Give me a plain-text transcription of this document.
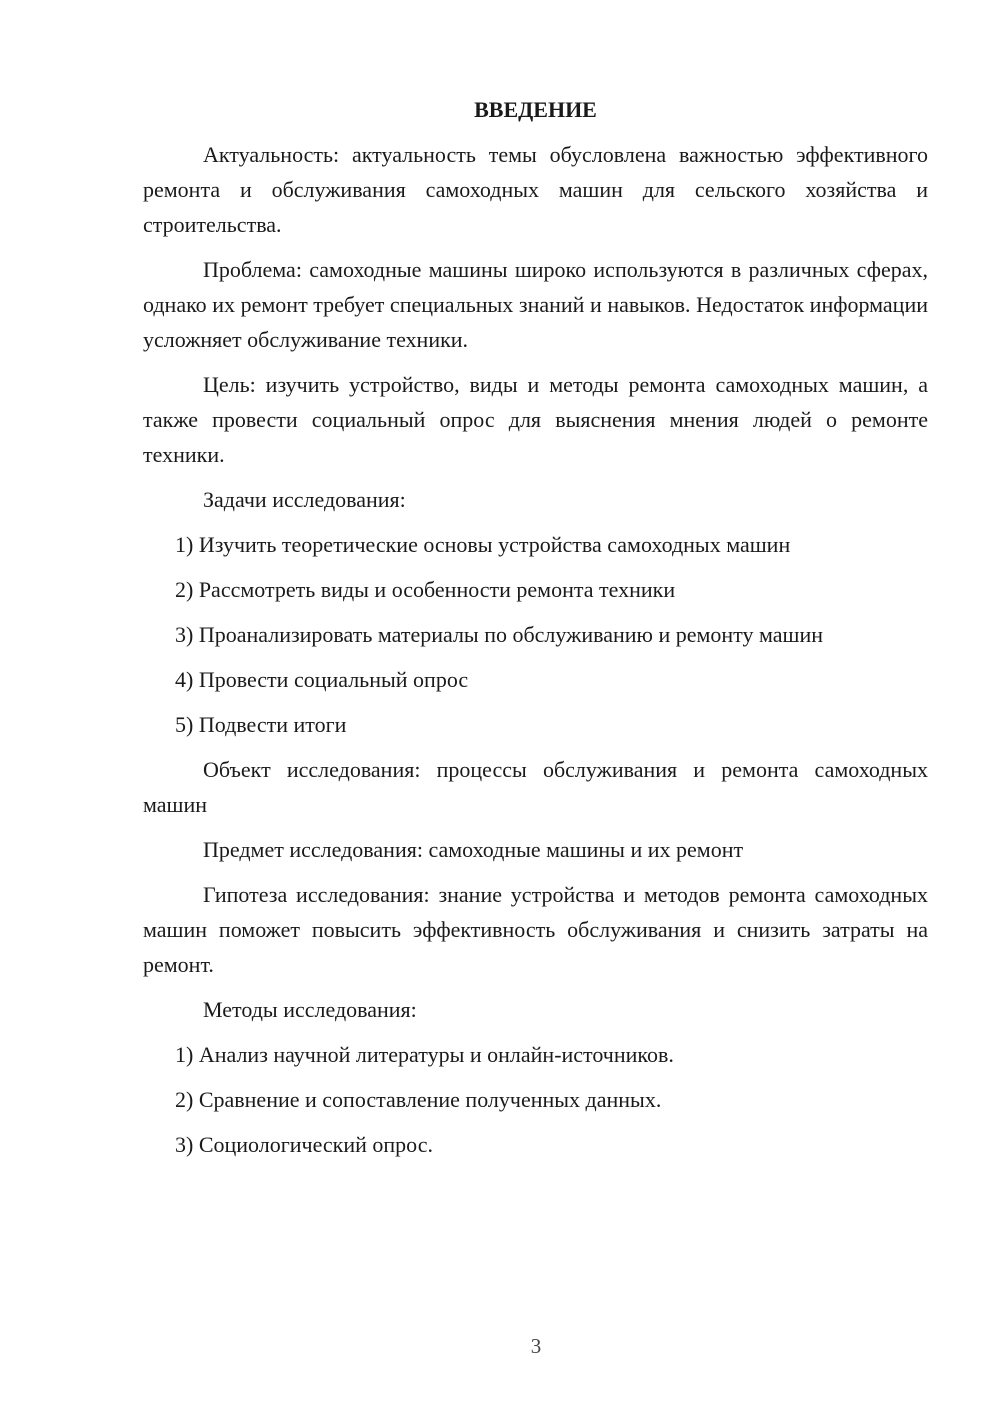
ВВЕДЕНИЕ

Актуальность: актуальность темы обусловлена важностью эффективного ремонта и обслуживания самоходных машин для сельского хозяйства и строительства.

Проблема: самоходные машины широко используются в различных сферах, однако их ремонт требует специальных знаний и навыков. Недостаток информации усложняет обслуживание техники.

Цель: изучить устройство, виды и методы ремонта самоходных машин, а также провести социальный опрос для выяснения мнения людей о ремонте техники.

Задачи исследования:

1) Изучить теоретические основы устройства самоходных машин

2) Рассмотреть виды и особенности ремонта техники

3) Проанализировать материалы по обслуживанию и ремонту машин

4) Провести социальный опрос

5) Подвести итоги

Объект исследования: процессы обслуживания и ремонта самоходных машин

Предмет исследования: самоходные машины и их ремонт

Гипотеза исследования: знание устройства и методов ремонта самоходных машин поможет повысить эффективность обслуживания и снизить затраты на ремонт.

Методы исследования:

1) Анализ научной литературы и онлайн-источников.

2) Сравнение и сопоставление полученных данных.

3) Социологический опрос.

3
